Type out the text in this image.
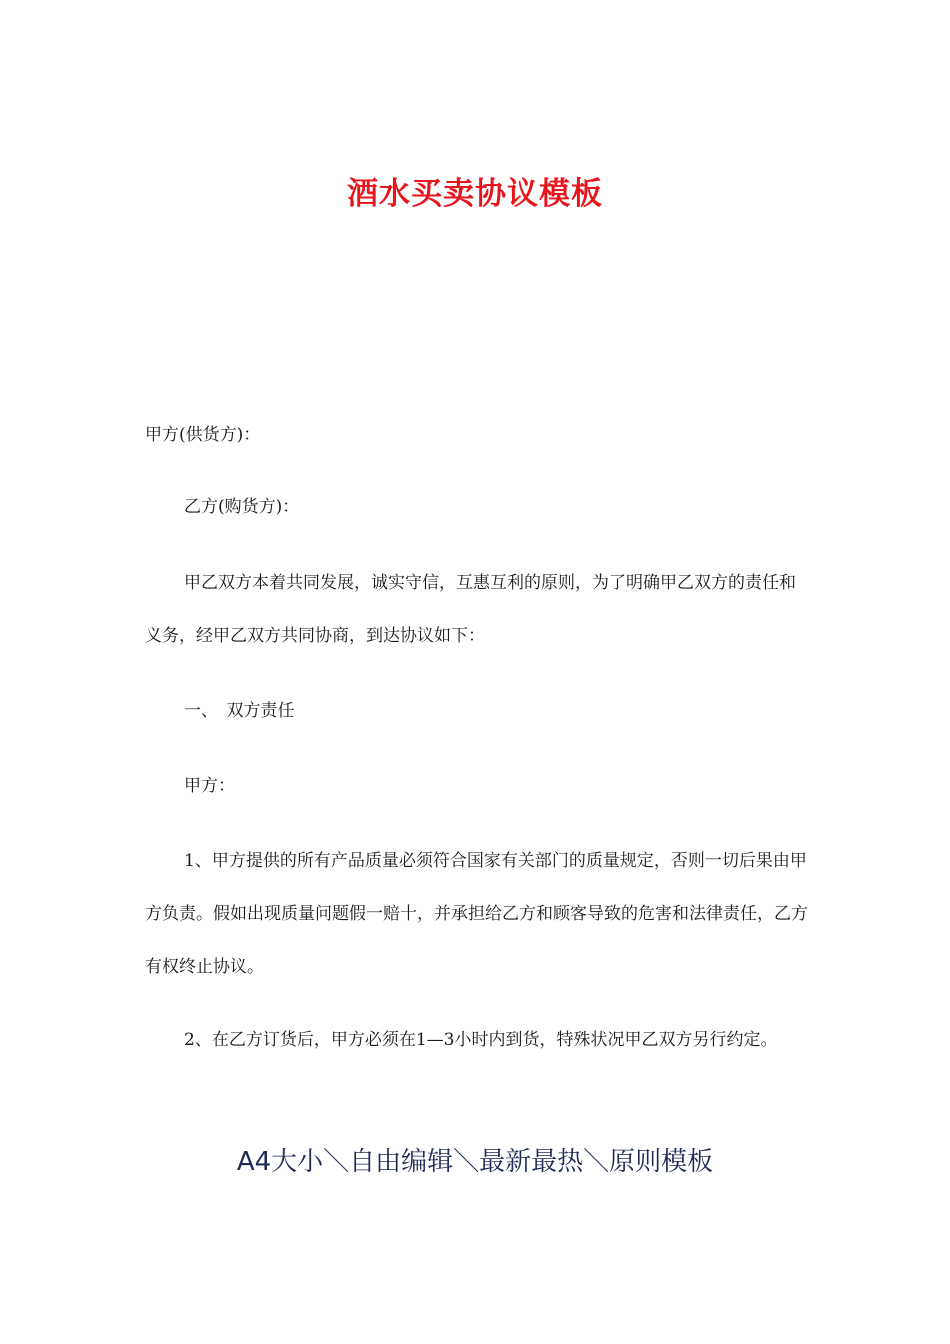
酒水买卖协议模板

甲方(供货方)：

乙方(购货方)：

甲乙双方本着共同发展，诚实守信，互惠互利的原则，为了明确甲乙双方的责任和义务，经甲乙双方共同协商，到达协议如下：

一、　双方责任

甲方：

1、甲方提供的所有产品质量必须符合国家有关部门的质量规定，否则一切后果由甲方负责。假如出现质量问题假一赔十，并承担给乙方和顾客导致的危害和法律责任，乙方有权终止协议。

2、在乙方订货后，甲方必须在1—3小时内到货，特殊状况甲乙双方另行约定。

A4大小＼自由编辑＼最新最热＼原则模板
